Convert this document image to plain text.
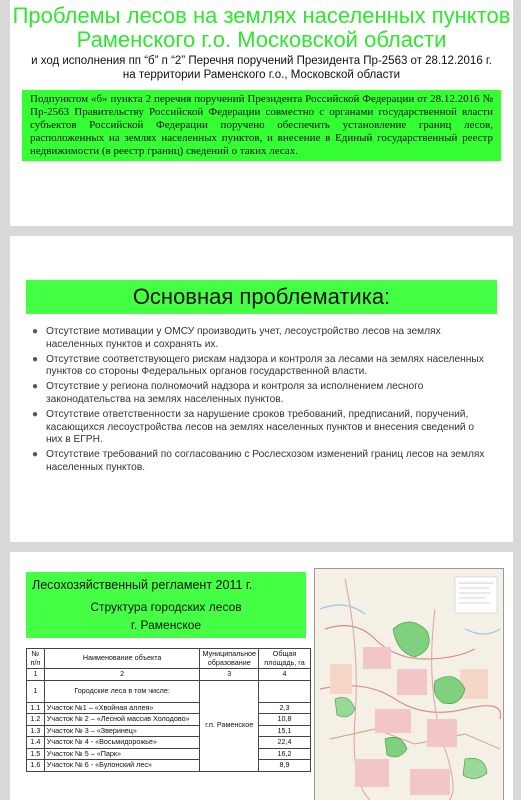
Проблемы лесов на землях населенных пунктов Раменского г.о. Московской области

и ход исполнения пп “б” п “2” Перечня поручений Президента Пр-2563 от 28.12.2016 г. на территории Раменского г.о., Московской области

Подпунктом «б» пункта 2 перечня поручений Президента Российской Федерации от 28.12.2016 № Пр-2563 Правительству Российской Федерации совместно с органами государственной власти субъектов Российской Федерации поручено обеспечить установление границ лесов, расположенных на землях населенных пунктов, и внесение в Единый государственный реестр недвижимости (в реестр границ) сведений о таких лесах.

Основная проблематика:
● Отсутствие мотивации у ОМСУ производить учет, лесоустройство лесов на землях населенных пунктов и сохранять их.
● Отсутствие соответствующего рискам надзора и контроля за лесами на землях населенных пунктов со стороны Федеральных органов государственной власти.
● Отсутствие у региона полномочий надзора и контроля за исполнением лесного законодательства на землях населенных пунктов.
● Отсутствие ответственности за нарушение сроков требований, предписаний, поручений, касающихся лесоустройства лесов на землях населенных пунктов и внесения сведений о них в ЕГРН.
● Отсутствие требований по согласованию с Рослесхозом изменений границ лесов на землях населенных пунктов.
Лесохозяйственный регламент 2011 г.
Структура городских лесов
г. Раменское
№ п/п	Наименование объекта	Муниципальное образование	Общая площадь, га
1	2	3	4
1	Городские леса в том числе:	г.п. Раменское	
1.1	Участок №1 – «Хвойная аллея»		2,3
1.2	Участок № 2 – «Лесной массив Холодово»		10,8
1.3	Участок № 3 – «Зверинец»		15,1
1.4	Участок № 4 - «Восьмидорожье»		22,4
1.5	Участок № 5 – «Парк»		16,2
1.6	Участок № 6 - «Булонский лес»		8,9
